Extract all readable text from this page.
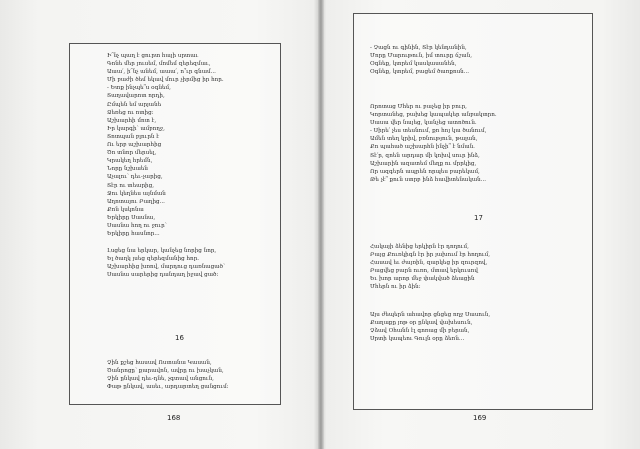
Ի՜նչ պաղ է ցուրտ հայի սրտաւ
Գոնե մեր յուսեմ, մոմեմ զերեզմաւ,
Աաա՛, ի՜նչ անեմ, աաա՛, ո՞ւր գնամ...
Մի բաժի ծեմ եկավ մուր չիրմից իր հոր.
- Ետք ինչպե՞ս օգնեմ,
Տաղավարոտ որդի,
Ըմպեն եմ արյանե
Ձեռեց ու ոտից:
Աշխարհի մոտ է,
Իր կարգի՝ ամբողջ,
Տոտպան բլուրն է
Ու երբ աշխարհից
Ծո տնոր մերսել,
Կրակեղ հրեմն,
Նորը նշխաեն
Աչալու՝ դեւ-չարից,
Տէր ու տեարից,
Ջու կեղնես այնման
Աղոտայու Բաղից...
Քոն կսկոնա
Երկիրը Սասնա,
Սասնա հող ու ջուր՝
Երկիրը հասնոր...
Լսցեց նա երկար, կանչեց նորից նոր,
Ել ծաղկ յսեց զերեզմանից հոր.
Աշխարհից խռով, մարդուց դառնացած՝
Սասնա սարերից դանդաղ իջավ ցած:
16
Չին քշեց հասավ Ոստանա Կասան,
Ծանրոցը՝ քարավոն, ավրը ու խաչկան,
Չին ընկավ դեւ-դնե, չգտավ անցուն,
Փաթ ընկավ, ասեւ, արդարտեղ ցանցում:
168
- Չացն ու գինին, Տէր կենդանին,
Մորը Մարութուն, իմ տուրը ճշան,
Օգնեք, կտրեմ կասկասանեն,
Օգնեք, կտրեմ, բացեմ ծառքոսն...
Որոտաց Մհեր ու բաչեց իր բուր,
Կորտանեց, բախեց կապակեր անբակտրո.
Սասա վեր նայեց, կանչեց ատոծուն.
- Սիրե՛ չես տեսնում, քո հոյ կա ծանում,
Ամեն տեղ կրիվ, բռնություն, թալան,
Քո պահած աշխարհն ինչի՞ է նման.
Տէ՛ր, զոեն արդար մի կոխվ սուր ինձ,
Աշխարին ազատեմ մեղք ու մրրկից,
Որ ազգերն ապրեն որպես բարեկամ,
Թե չէ՞ քուն ստրբ ինձ հավիտենական...
17
Հակայի ձենից երկիրն էր դողում,
Բայց Քուռկիգն էր իր յախում էր հողում,
Հասավ եւ ժայռին, զարկեց իր զուրզով,
Բացվեց բարն ուռո, մտավ երկուսով
Եւ խոր արոր մեջ փակված ձեացին
Մհերն ու իր ձին:
Այս ժեպերն ահավոր ցնցեց ողջ Սասուն,
Քաղաքը յոթ օր ընկավ վախեսուն,
Չձավ Օհանն էլ գոռաց մի բերան,
Սրտի կապեու Գուլն օրը ձեռն...
169
